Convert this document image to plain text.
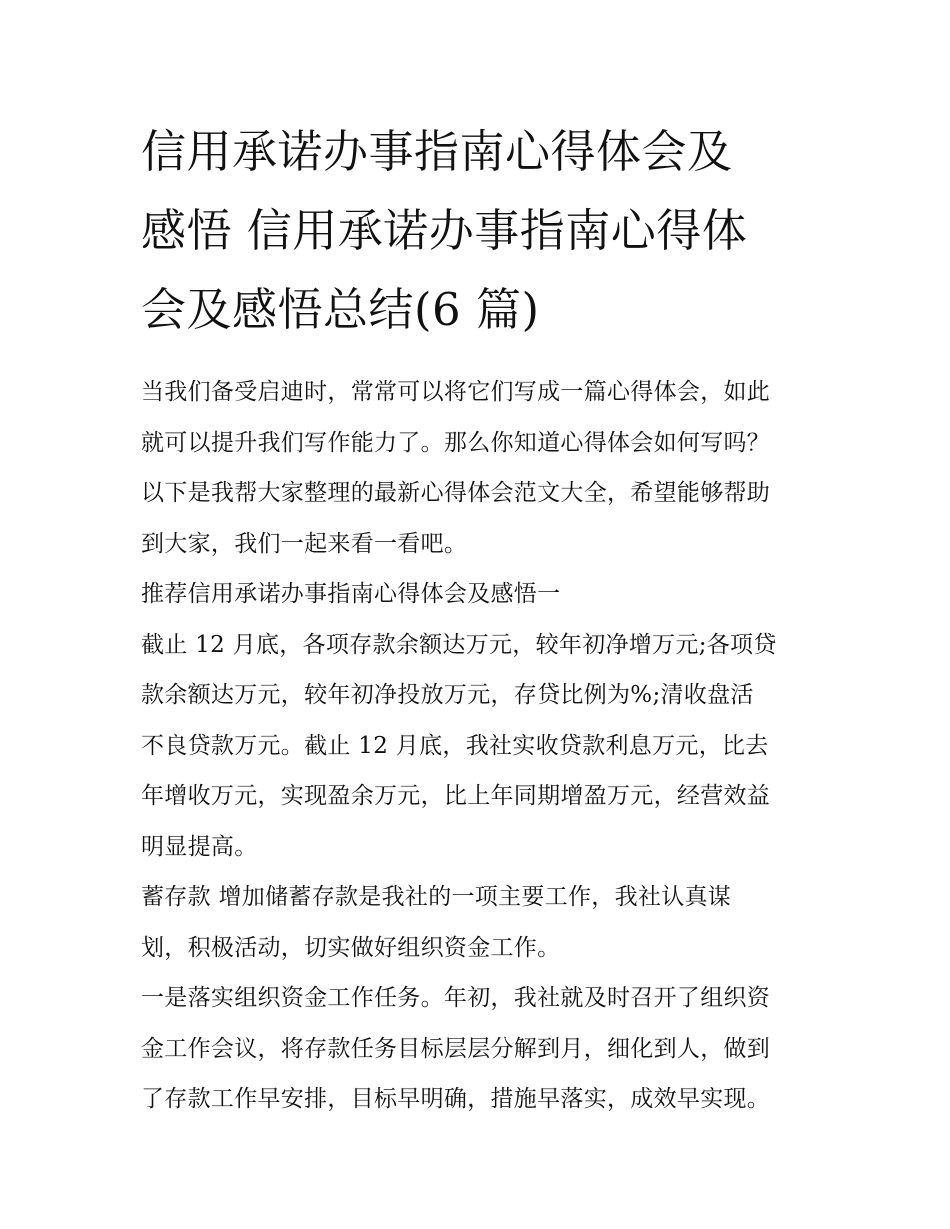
信用承诺办事指南心得体会及
感悟 信用承诺办事指南心得体
会及感悟总结(6 篇)
当我们备受启迪时，常常可以将它们写成一篇心得体会，如此
就可以提升我们写作能力了。那么你知道心得体会如何写吗？
以下是我帮大家整理的最新心得体会范文大全，希望能够帮助
到大家，我们一起来看一看吧。
推荐信用承诺办事指南心得体会及感悟一
截止 12 月底，各项存款余额达万元，较年初净增万元;各项贷
款余额达万元，较年初净投放万元，存贷比例为%;清收盘活
不良贷款万元。截止 12 月底，我社实收贷款利息万元，比去
年增收万元，实现盈余万元，比上年同期增盈万元，经营效益
明显提高。
蓄存款 增加储蓄存款是我社的一项主要工作，我社认真谋
划，积极活动，切实做好组织资金工作。
一是落实组织资金工作任务。年初，我社就及时召开了组织资
金工作会议，将存款任务目标层层分解到月，细化到人，做到
了存款工作早安排，目标早明确，措施早落实，成效早实现。
